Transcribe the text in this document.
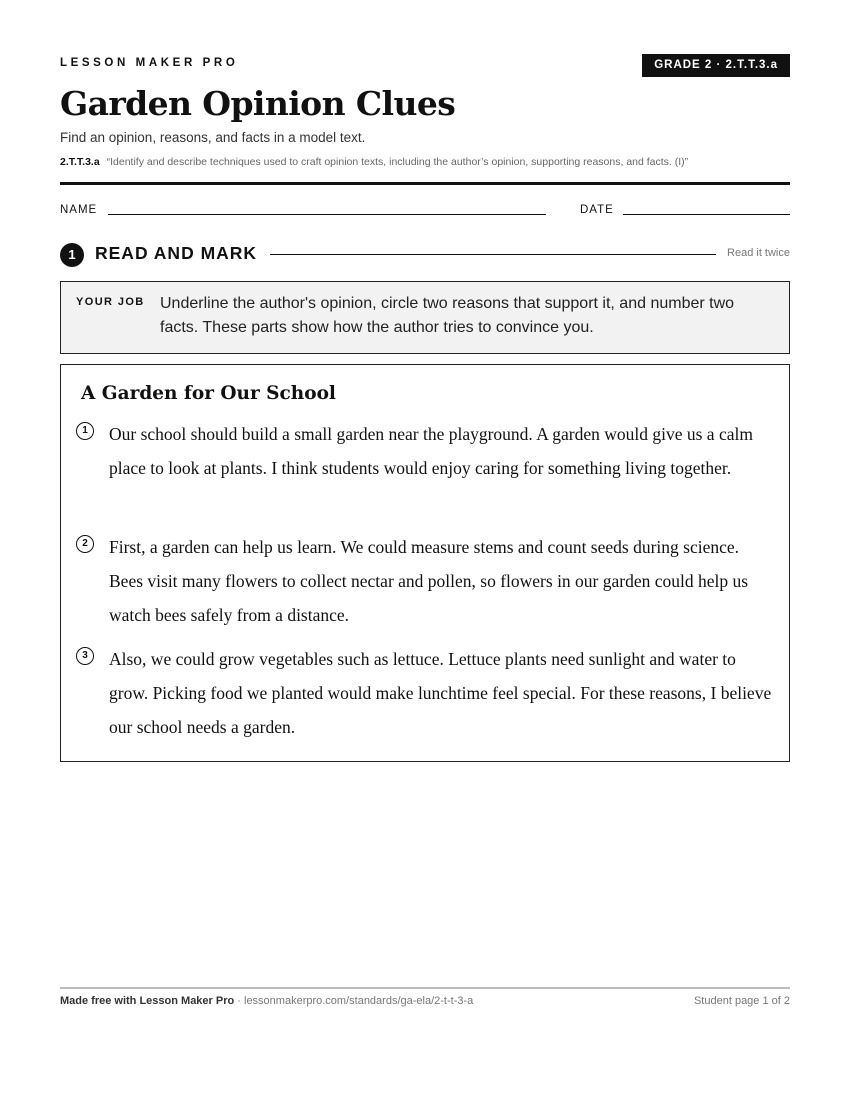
LESSON MAKER PRO	GRADE 2 · 2.T.T.3.a
Garden Opinion Clues
Find an opinion, reasons, and facts in a model text.
2.T.T.3.a “Identify and describe techniques used to craft opinion texts, including the author’s opinion, supporting reasons, and facts. (I)”
NAME	DATE
1	READ AND MARK	Read it twice
YOUR JOB Underline the author's opinion, circle two reasons that support it, and number two facts. These parts show how the author tries to convince you.
A Garden for Our School
1	Our school should build a small garden near the playground. A garden would give us a calm place to look at plants. I think students would enjoy caring for something living together.

2	First, a garden can help us learn. We could measure stems and count seeds during science. Bees visit many flowers to collect nectar and pollen, so flowers in our garden could help us watch bees safely from a distance.

3	Also, we could grow vegetables such as lettuce. Lettuce plants need sunlight and water to grow. Picking food we planted would make lunchtime feel special. For these reasons, I believe our school needs a garden.

Made free with Lesson Maker Pro · lessonmakerpro.com/standards/ga-ela/2-t-t-3-a	Student page 1 of 2
